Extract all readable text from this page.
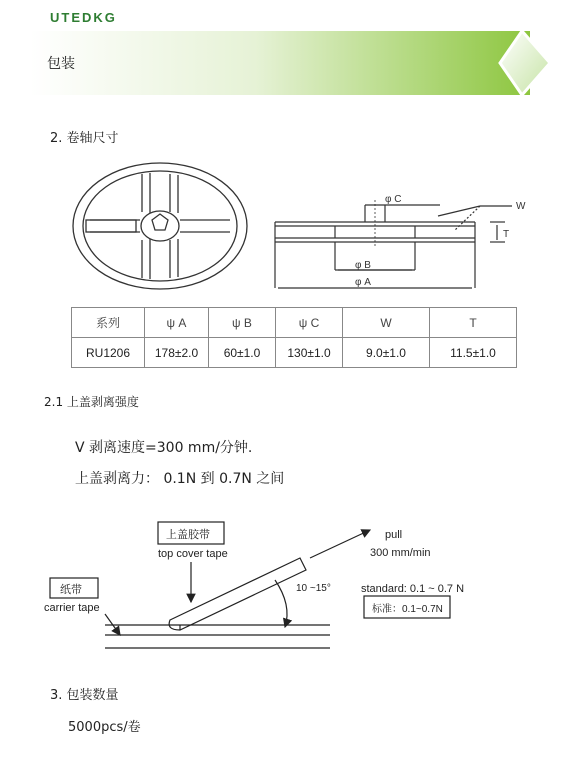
UTEDKG
包装
2. 卷轴尺寸
φ C
φ B
φ A
W
T
系列	ψ A	ψ B	ψ C	W	T
RU1206	178±2.0	60±1.0	130±1.0	9.0±1.0	11.5±1.0
2.1 上盖剥离强度
V 剥离速度=300 mm/分钟.
上盖剥离力： 0.1N 到 0.7N 之间
上盖胶带
top cover tape
纸带
carrier tape
pull
300 mm/min
10 ~15°	standard: 0.1 ~ 0.7 N
标准：0.1~0.7N
3. 包装数量
5000pcs/卷
